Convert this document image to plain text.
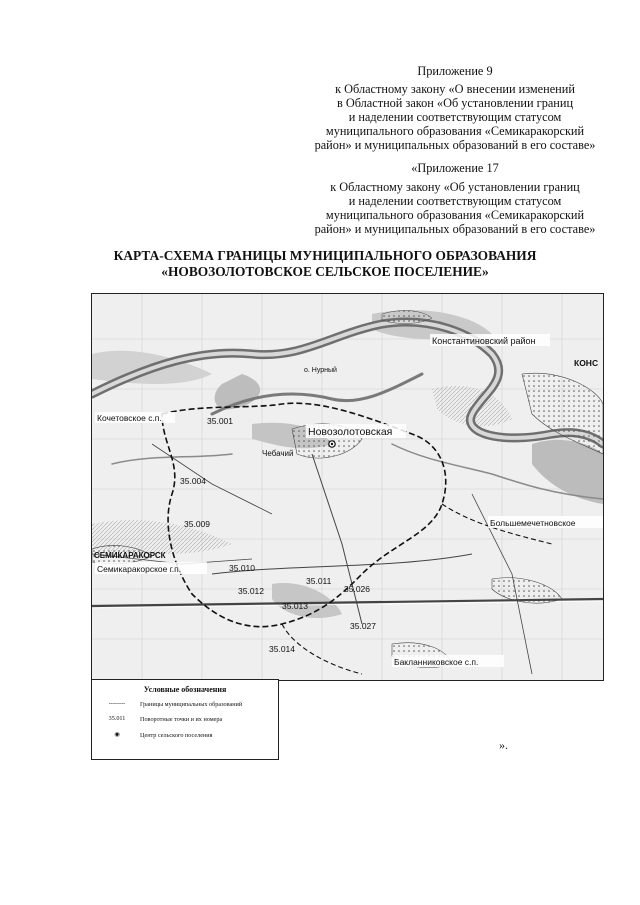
Приложение 9
к Областному закону «О внесении изменений
в Областной закон «Об установлении границ
и наделении соответствующим статусом
муниципального образования «Семикаракорский
район» и муниципальных образований в его составе»
«Приложение 17
к Областному закону «Об установлении границ
и наделении соответствующим статусом
муниципального образования «Семикаракорский
район» и муниципальных образований в его составе»
КАРТА-СХЕМА ГРАНИЦЫ МУНИЦИПАЛЬНОГО ОБРАЗОВАНИЯ
«НОВОЗОЛОТОВСКОЕ СЕЛЬСКОЕ ПОСЕЛЕНИЕ»
35.001
35.004
35.009
35.010
35.011
35.012
35.013
35.014
35.026
35.027
Кочетовское с.п.
Новозолотовская
Чебачий
о. Нурный
Константиновский район
КОНС
Большемечетновское
СЕМИКАРАКОРСК
Семикаракорское г.п.
Бакланниковское с.п.
Условные обозначения
--------	Границы муниципальных образований
35.011	Поворотные точки и их номера
◉	Центр сельского поселения
».
